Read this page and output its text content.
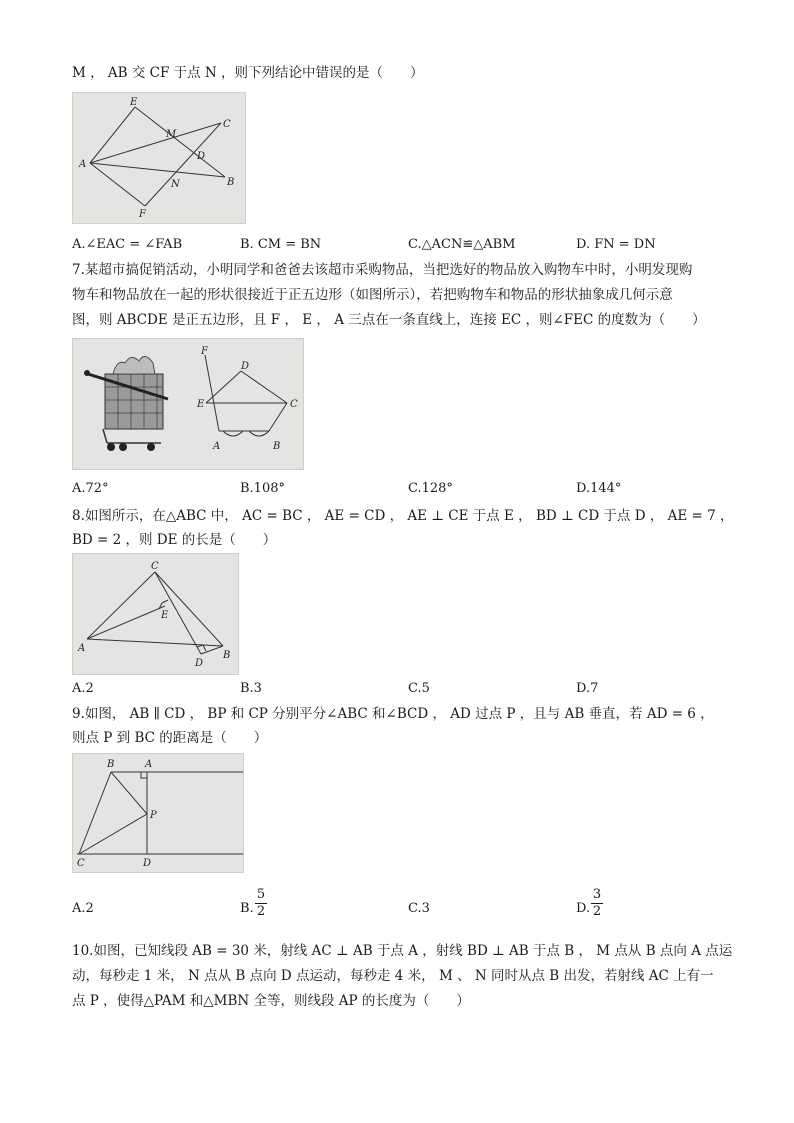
M ， AB 交 CF 于点 N ，则下列结论中错误的是（　　）
E
M
C
D
A
N	B
F
A.∠EAC = ∠FAB	B. CM = BN	C.△ACN≌△ABM	D. FN = DN
7.某超市搞促销活动，小明同学和爸爸去该超市采购物品，当把选好的物品放入购物车中时，小明发现购
物车和物品放在一起的形状很接近于正五边形（如图所示），若把购物车和物品的形状抽象成几何示意
图，则 ABCDE 是正五边形，且 F ， E ， A 三点在一条直线上，连接 EC ，则∠FEC 的度数为（　　）
F
D
E	C
A	B
A.72°	B.108°	C.128°	D.144°
8.如图所示，在△ABC 中， AC = BC ， AE = CD ， AE ⊥ CE 于点 E ， BD ⊥ CD 于点 D ， AE = 7 ，
BD = 2 ，则 DE 的长是（　　）
C
E
A
D
B
A.2	B.3	C.5	D.7
9.如图， AB ∥ CD ， BP 和 CP 分别平分∠ABC 和∠BCD ， AD 过点 P ，且与 AB 垂直，若 AD = 6 ，
则点 P 到 BC 的距离是（　　）
B	A
P
C	D
A.2	B.
5
2	C.3	D.
3
2
10.如图，已知线段 AB = 30 米，射线 AC ⊥ AB 于点 A ，射线 BD ⊥ AB 于点 B ， M 点从 B 点向 A 点运
动，每秒走 1 米， N 点从 B 点向 D 点运动，每秒走 4 米， M 、 N 同时从点 B 出发，若射线 AC 上有一
点 P ，使得△PAM 和△MBN 全等，则线段 AP 的长度为（　　）
